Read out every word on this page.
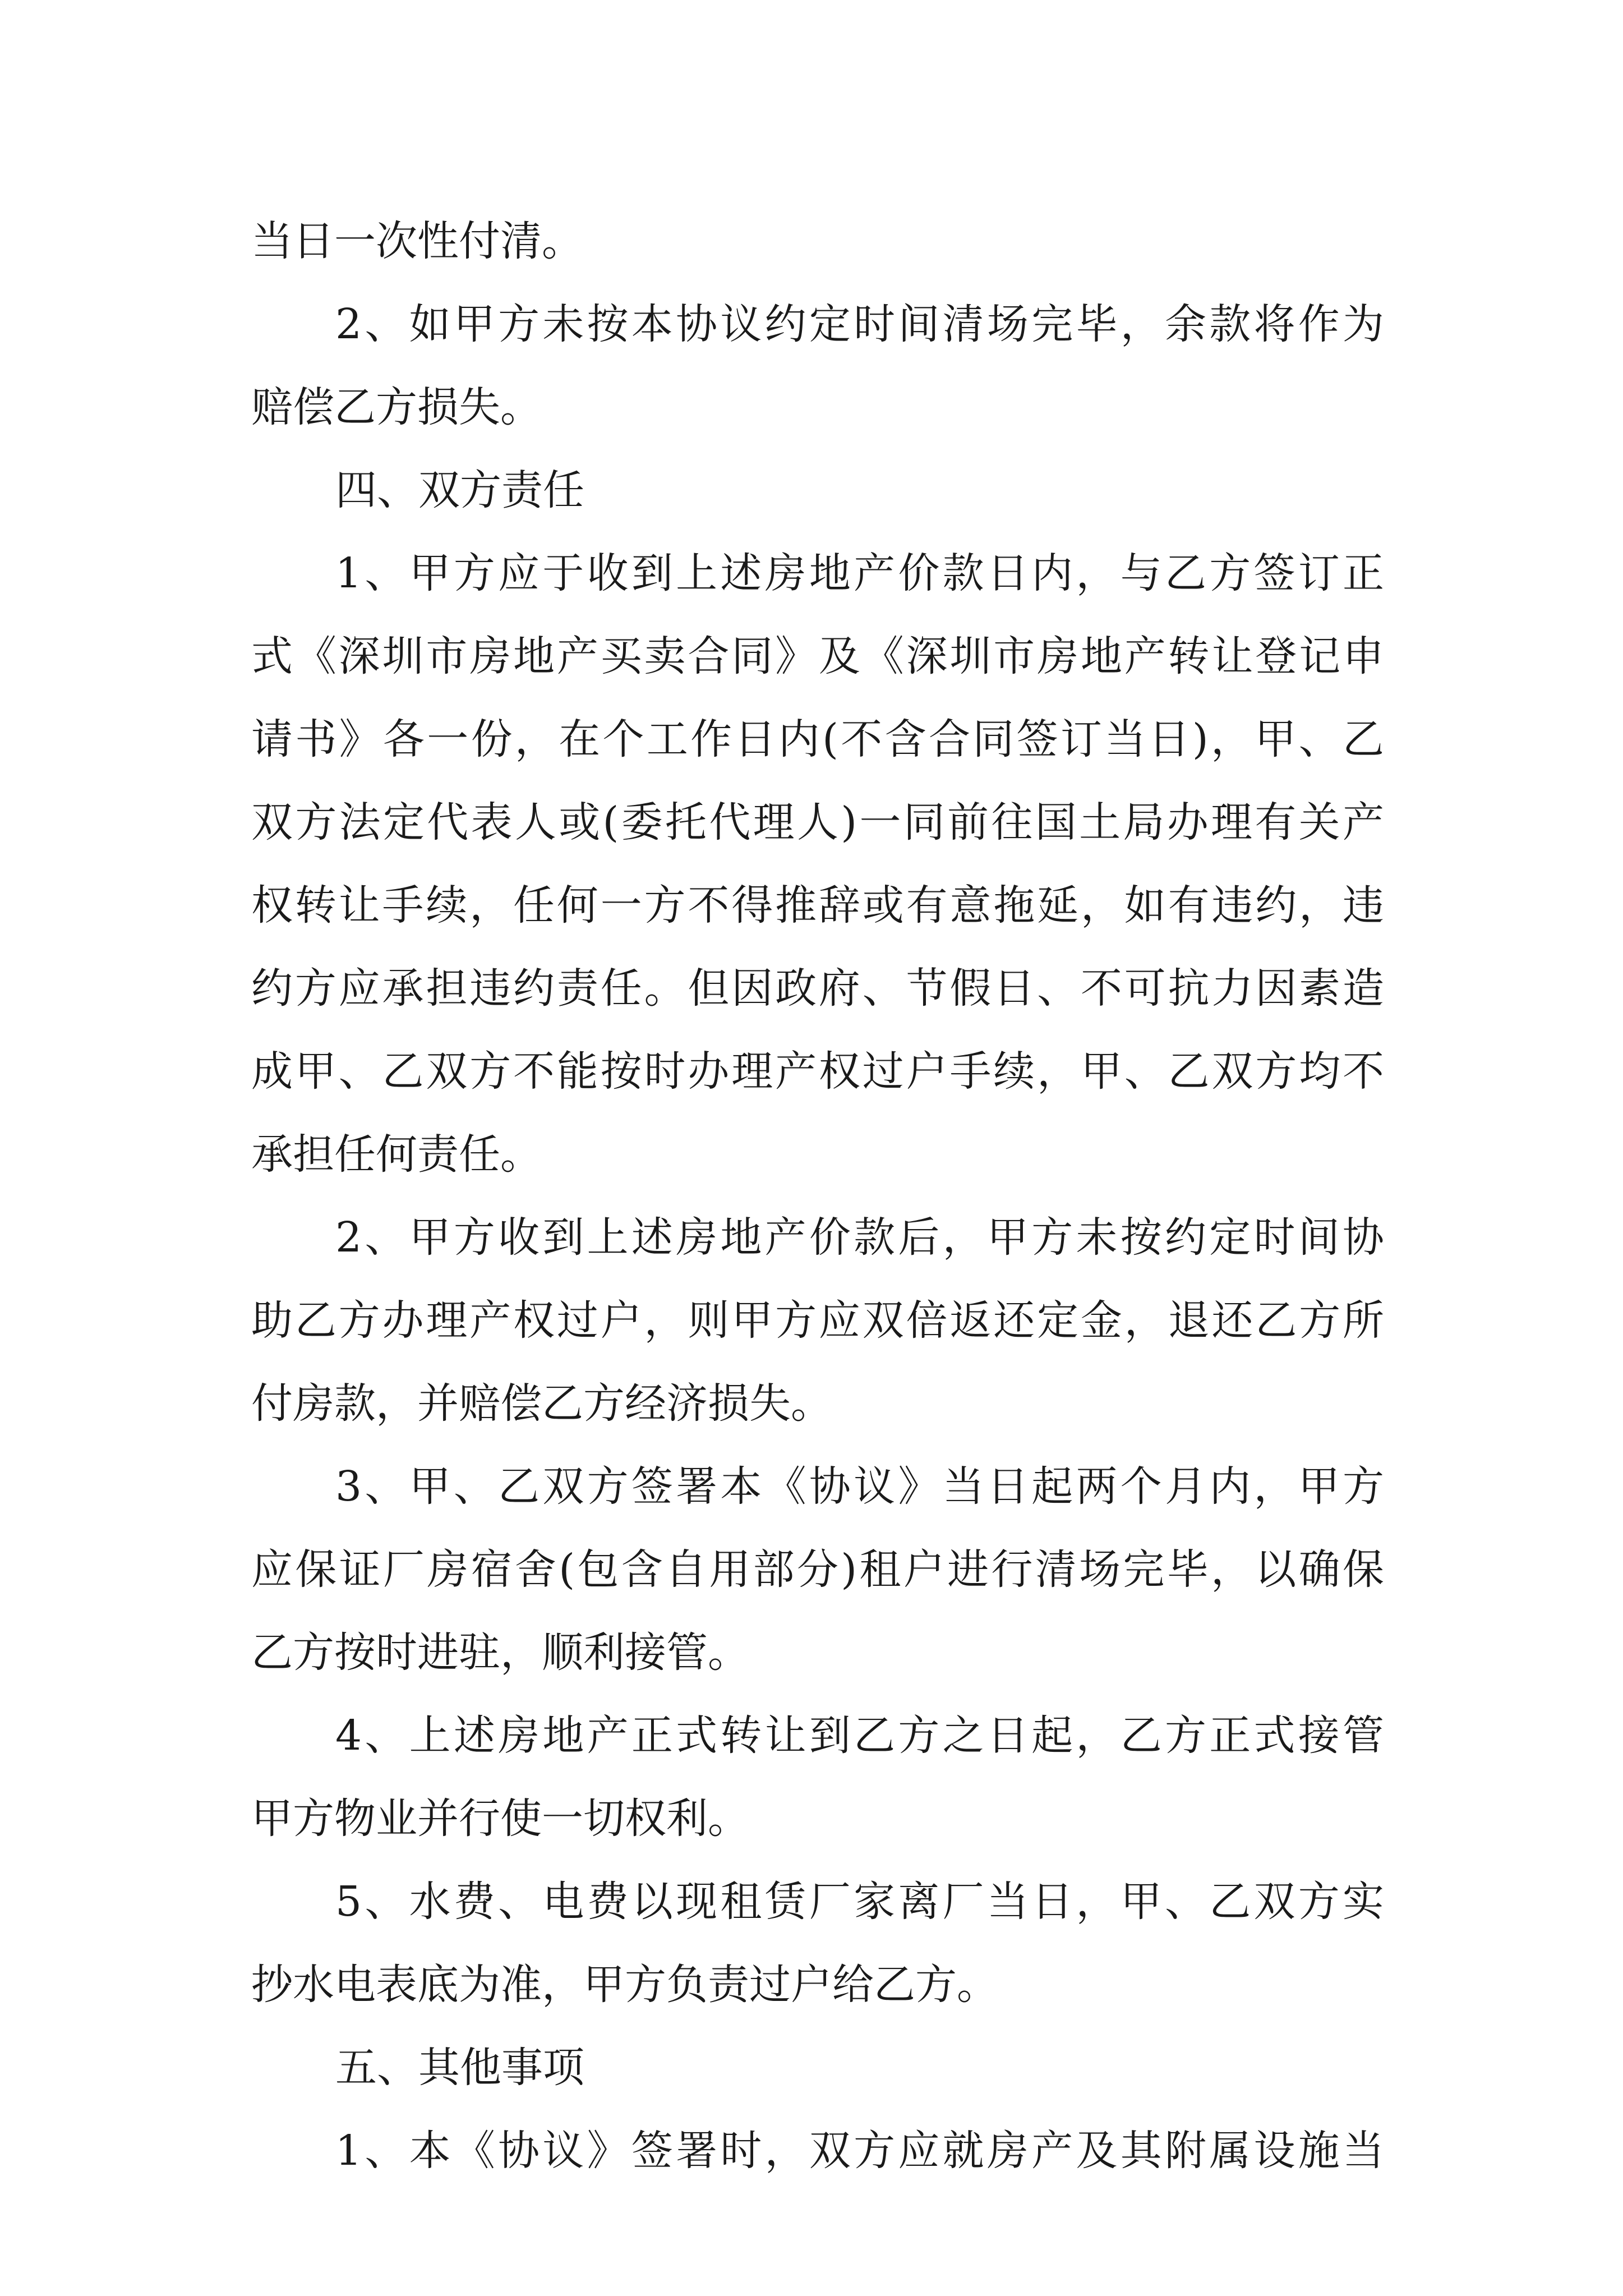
当日一次性付清。
2、如甲方未按本协议约定时间清场完毕，余款将作为
赔偿乙方损失。
四、双方责任
1、甲方应于收到上述房地产价款日内，与乙方签订正
式《深圳市房地产买卖合同》及《深圳市房地产转让登记申
请书》各一份，在个工作日内(不含合同签订当日)，甲、乙
双方法定代表人或(委托代理人)一同前往国土局办理有关产
权转让手续，任何一方不得推辞或有意拖延，如有违约，违
约方应承担违约责任。但因政府、节假日、不可抗力因素造
成甲、乙双方不能按时办理产权过户手续，甲、乙双方均不
承担任何责任。
2、甲方收到上述房地产价款后，甲方未按约定时间协
助乙方办理产权过户，则甲方应双倍返还定金，退还乙方所
付房款，并赔偿乙方经济损失。
3、甲、乙双方签署本《协议》当日起两个月内，甲方
应保证厂房宿舍(包含自用部分)租户进行清场完毕，以确保
乙方按时进驻，顺利接管。
4、上述房地产正式转让到乙方之日起，乙方正式接管
甲方物业并行使一切权利。
5、水费、电费以现租赁厂家离厂当日，甲、乙双方实
抄水电表底为准，甲方负责过户给乙方。
五、其他事项
1、本《协议》签署时，双方应就房产及其附属设施当
